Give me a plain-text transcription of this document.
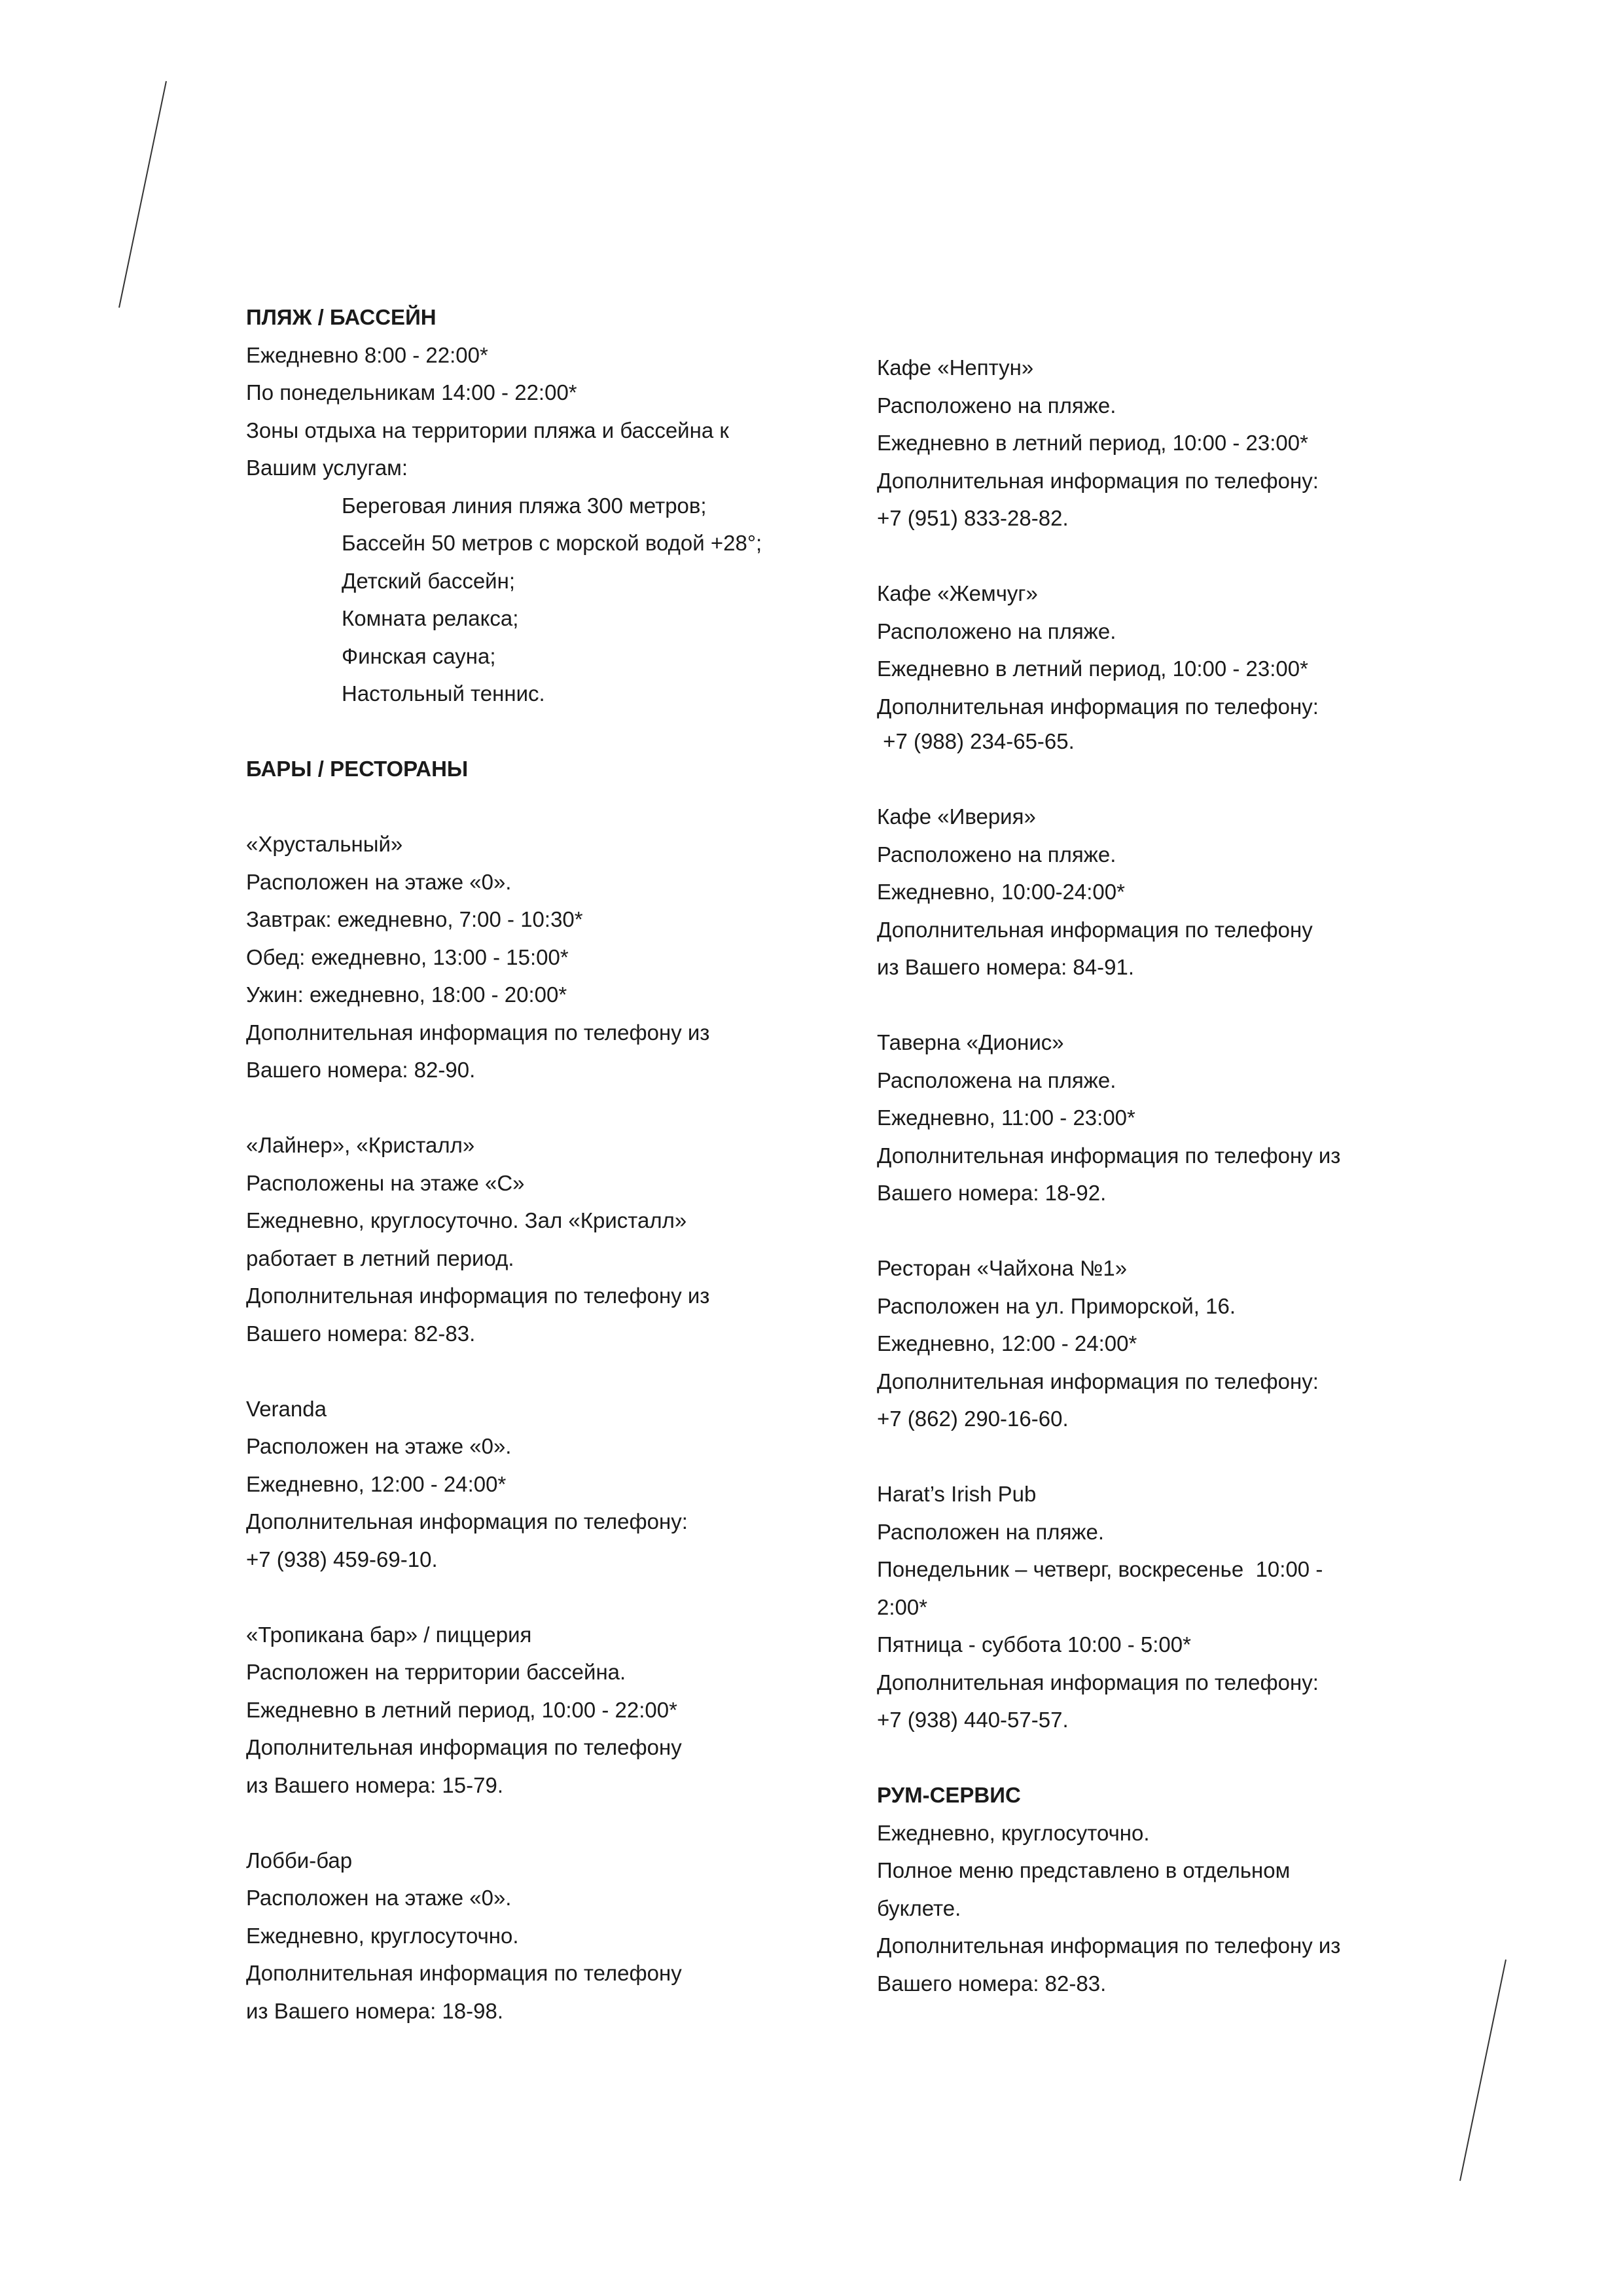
ПЛЯЖ / БАССЕЙН
Ежедневно 8:00 - 22:00*
По понедельникам 14:00 - 22:00*
Зоны отдыха на территории пляжа и бассейна к
Вашим услугам:
Береговая линия пляжа 300 метров;
Бассейн 50 метров с морской водой +28°;
Детский бассейн;
Комната релакса;
Финская сауна;
Настольный теннис.
БАРЫ / РЕСТОРАНЫ
«Хрустальный»
Расположен на этаже «0».
Завтрак: ежедневно, 7:00 - 10:30*
Обед: ежедневно, 13:00 - 15:00*
Ужин: ежедневно, 18:00 - 20:00*
Дополнительная информация по телефону из
Вашего номера: 82-90.
«Лайнер», «Кристалл»
Расположены на этаже «С»
Ежедневно, круглосуточно. Зал «Кристалл»
работает в летний период.
Дополнительная информация по телефону из
Вашего номера: 82-83.
Veranda
Расположен на этаже «0».
Ежедневно, 12:00 - 24:00*
Дополнительная информация по телефону:
+7 (938) 459-69-10.
«Тропикана бар» / пиццерия
Расположен на территории бассейна.
Ежедневно в летний период, 10:00 - 22:00*
Дополнительная информация по телефону
из Вашего номера: 15-79.
Лобби-бар
Расположен на этаже «0».
Ежедневно, круглосуточно.
Дополнительная информация по телефону
из Вашего номера: 18-98.
Кафе «Нептун»
Расположено на пляже.
Ежедневно в летний период, 10:00 - 23:00*
Дополнительная информация по телефону:
+7 (951) 833-28-82.
Кафе «Жемчуг»
Расположено на пляже.
Ежедневно в летний период, 10:00 - 23:00*
Дополнительная информация по телефону:
+7 (988) 234-65-65.
Кафе «Иверия»
Расположено на пляже.
Ежедневно, 10:00-24:00*
Дополнительная информация по телефону
из Вашего номера: 84-91.
Таверна «Дионис»
Расположена на пляже.
Ежедневно, 11:00 - 23:00*
Дополнительная информация по телефону из
Вашего номера: 18-92.
Ресторан «Чайхона №1»
Расположен на ул. Приморской, 16.
Ежедневно, 12:00 - 24:00*
Дополнительная информация по телефону:
+7 (862) 290-16-60.
Harat’s Irish Pub
Расположен на пляже.
Понедельник – четверг, воскресенье  10:00 -
2:00*
Пятница - суббота 10:00 - 5:00*
Дополнительная информация по телефону:
+7 (938) 440-57-57.
РУМ-СЕРВИС
Ежедневно, круглосуточно.
Полное меню представлено в отдельном
буклете.
Дополнительная информация по телефону из
Вашего номера: 82-83.
